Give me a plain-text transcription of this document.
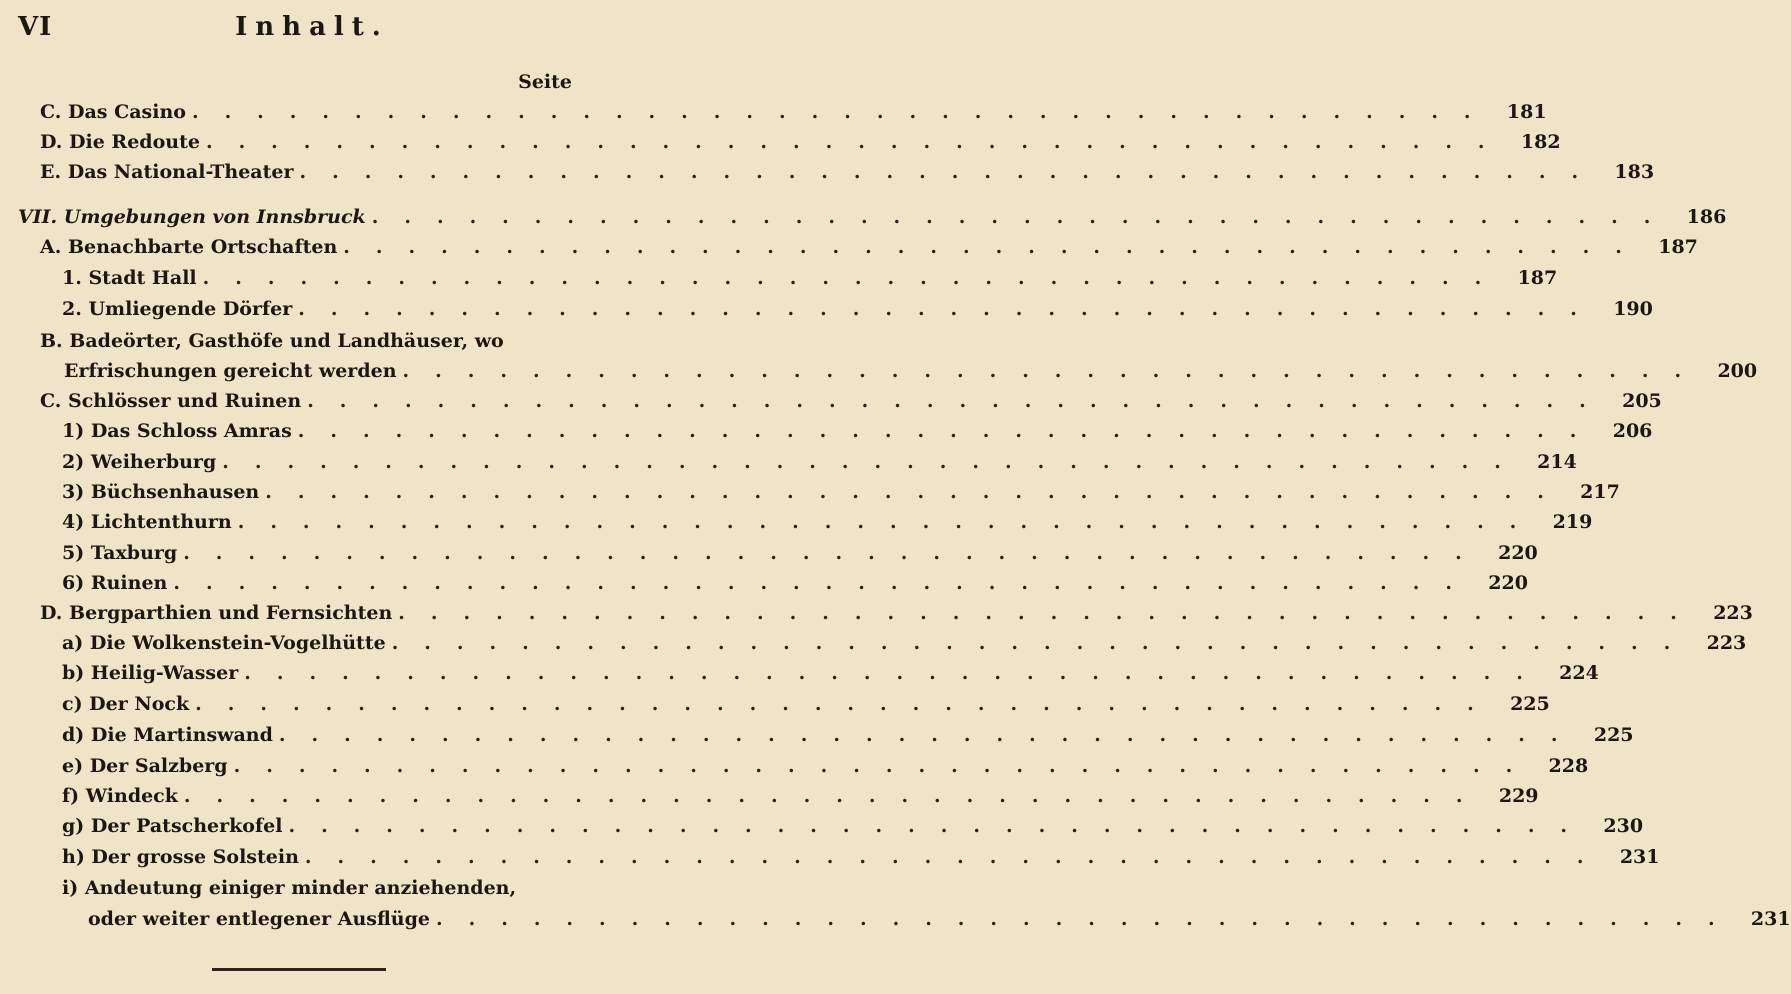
VI	Inhalt.
Seite
C. Das Casino ........................................ 181
D. Die Redoute ........................................ 182
E. Das National-Theater ........................................ 183
VII. Umgebungen von Innsbruck ........................................ 186
A. Benachbarte Ortschaften ........................................ 187
1. Stadt Hall ........................................ 187
2. Umliegende Dörfer ........................................ 190
B. Badeörter, Gasthöfe und Landhäuser, wo
Erfrischungen gereicht werden ........................................ 200
C. Schlösser und Ruinen ........................................ 205
1) Das Schloss Amras ........................................ 206
2) Weiherburg ........................................ 214
3) Büchsenhausen ........................................ 217
4) Lichtenthurn ........................................ 219
5) Taxburg ........................................ 220
6) Ruinen ........................................ 220
D. Bergparthien und Fernsichten ........................................ 223
a) Die Wolkenstein-Vogelhütte ........................................ 223
b) Heilig-Wasser ........................................ 224
c) Der Nock ........................................ 225
d) Die Martinswand ........................................ 225
e) Der Salzberg ........................................ 228
f) Windeck ........................................ 229
g) Der Patscherkofel ........................................ 230
h) Der grosse Solstein ........................................ 231
i) Andeutung einiger minder anziehenden,
oder weiter entlegener Ausflüge ........................................ 231
